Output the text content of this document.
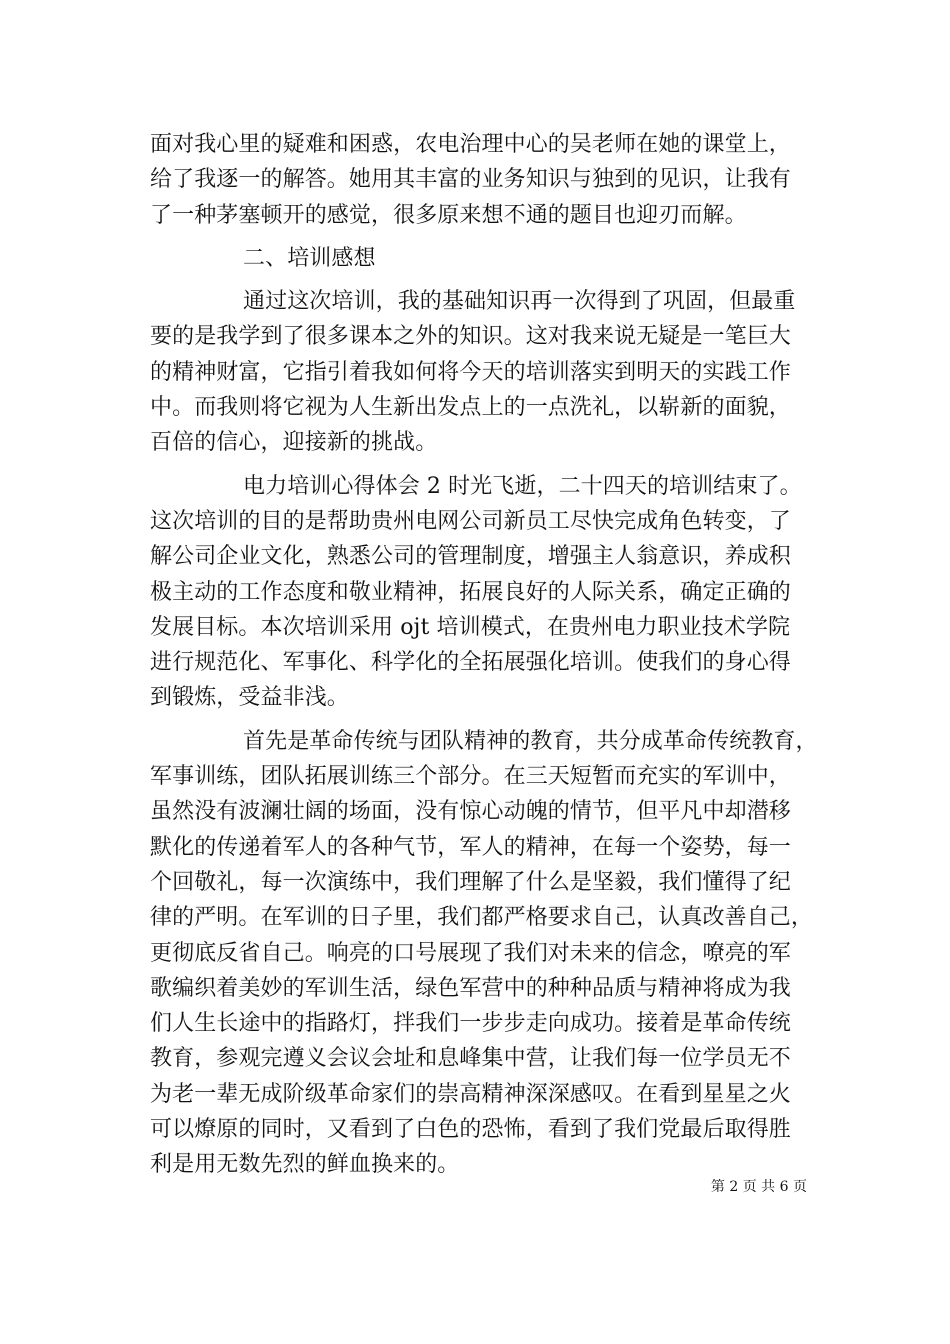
面对我心里的疑难和困惑，农电治理中心的吴老师在她的课堂上，
给了我逐一的解答。她用其丰富的业务知识与独到的见识，让我有
了一种茅塞顿开的感觉，很多原来想不通的题目也迎刃而解。
二、培训感想
通过这次培训，我的基础知识再一次得到了巩固，但最重
要的是我学到了很多课本之外的知识。这对我来说无疑是一笔巨大
的精神财富，它指引着我如何将今天的培训落实到明天的实践工作
中。而我则将它视为人生新出发点上的一点洗礼，以崭新的面貌，
百倍的信心，迎接新的挑战。
电力培训心得体会 2 时光飞逝，二十四天的培训结束了。
这次培训的目的是帮助贵州电网公司新员工尽快完成角色转变，了
解公司企业文化，熟悉公司的管理制度，增强主人翁意识，养成积
极主动的工作态度和敬业精神，拓展良好的人际关系，确定正确的
发展目标。本次培训采用 ojt 培训模式，在贵州电力职业技术学院
进行规范化、军事化、科学化的全拓展强化培训。使我们的身心得
到锻炼，受益非浅。
首先是革命传统与团队精神的教育，共分成革命传统教育，
军事训练，团队拓展训练三个部分。在三天短暂而充实的军训中，
虽然没有波澜壮阔的场面，没有惊心动魄的情节，但平凡中却潜移
默化的传递着军人的各种气节，军人的精神，在每一个姿势，每一
个回敬礼，每一次演练中，我们理解了什么是坚毅，我们懂得了纪
律的严明。在军训的日子里，我们都严格要求自己，认真改善自己，
更彻底反省自己。响亮的口号展现了我们对未来的信念，嘹亮的军
歌编织着美妙的军训生活，绿色军营中的种种品质与精神将成为我
们人生长途中的指路灯，拌我们一步步走向成功。接着是革命传统
教育，参观完遵义会议会址和息峰集中营，让我们每一位学员无不
为老一辈无成阶级革命家们的崇高精神深深感叹。在看到星星之火
可以燎原的同时，又看到了白色的恐怖，看到了我们党最后取得胜
利是用无数先烈的鲜血换来的。
第 2 页 共 6 页
